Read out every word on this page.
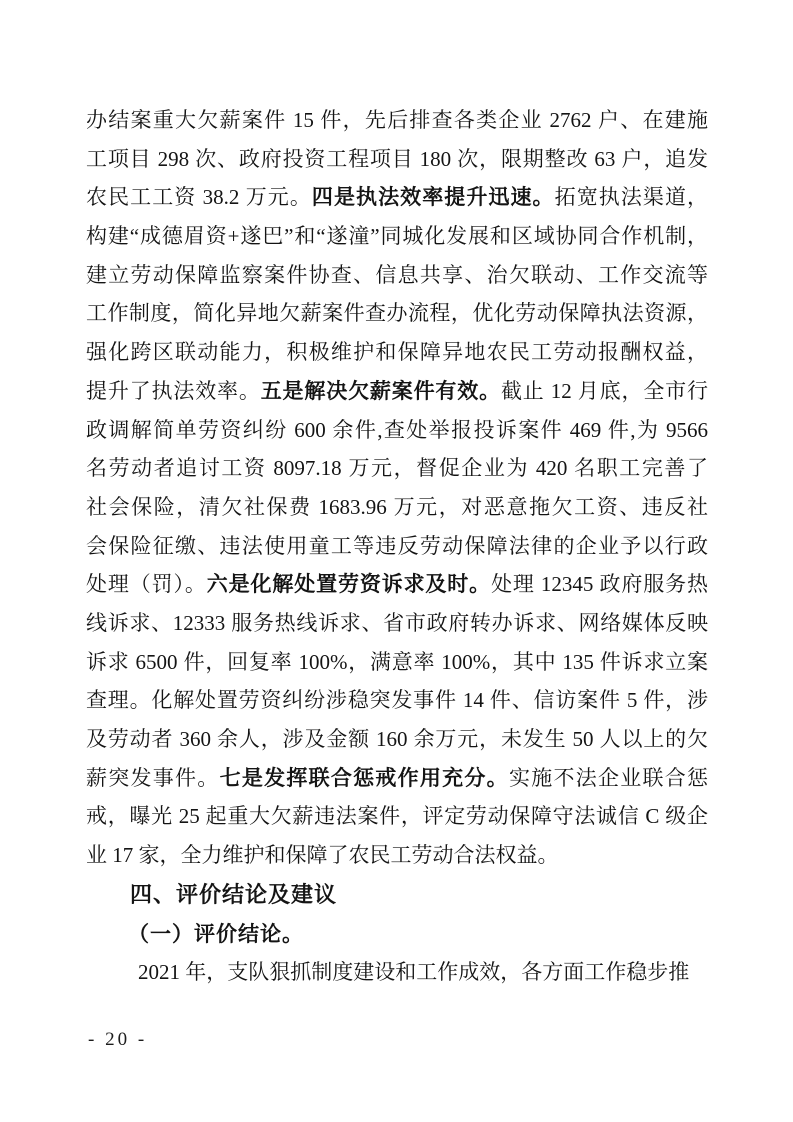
办结案重大欠薪案件 15 件，先后排查各类企业 2762 户、在建施
工项目 298 次、政府投资工程项目 180 次，限期整改 63 户，追发
农民工工资 38.2 万元。四是执法效率提升迅速。拓宽执法渠道，
构建“成德眉资+遂巴”和“遂潼”同城化发展和区域协同合作机制，
建立劳动保障监察案件协查、信息共享、治欠联动、工作交流等
工作制度，简化异地欠薪案件查办流程，优化劳动保障执法资源，
强化跨区联动能力，积极维护和保障异地农民工劳动报酬权益，
提升了执法效率。五是解决欠薪案件有效。截止 12 月底，全市行
政调解简单劳资纠纷 600 余件,查处举报投诉案件 469 件,为 9566
名劳动者追讨工资 8097.18 万元，督促企业为 420 名职工完善了
社会保险，清欠社保费 1683.96 万元，对恶意拖欠工资、违反社
会保险征缴、违法使用童工等违反劳动保障法律的企业予以行政
处理（罚）。六是化解处置劳资诉求及时。处理 12345 政府服务热
线诉求、12333 服务热线诉求、省市政府转办诉求、网络媒体反映
诉求 6500 件，回复率 100%，满意率 100%，其中 135 件诉求立案
查理。化解处置劳资纠纷涉稳突发事件 14 件、信访案件 5 件，涉
及劳动者 360 余人，涉及金额 160 余万元，未发生 50 人以上的欠
薪突发事件。七是发挥联合惩戒作用充分。实施不法企业联合惩
戒，曝光 25 起重大欠薪违法案件，评定劳动保障守法诚信 C 级企
业 17 家，全力维护和保障了农民工劳动合法权益。
四、评价结论及建议
（一）评价结论。
2021 年，支队狠抓制度建设和工作成效，各方面工作稳步推
- 20 -
